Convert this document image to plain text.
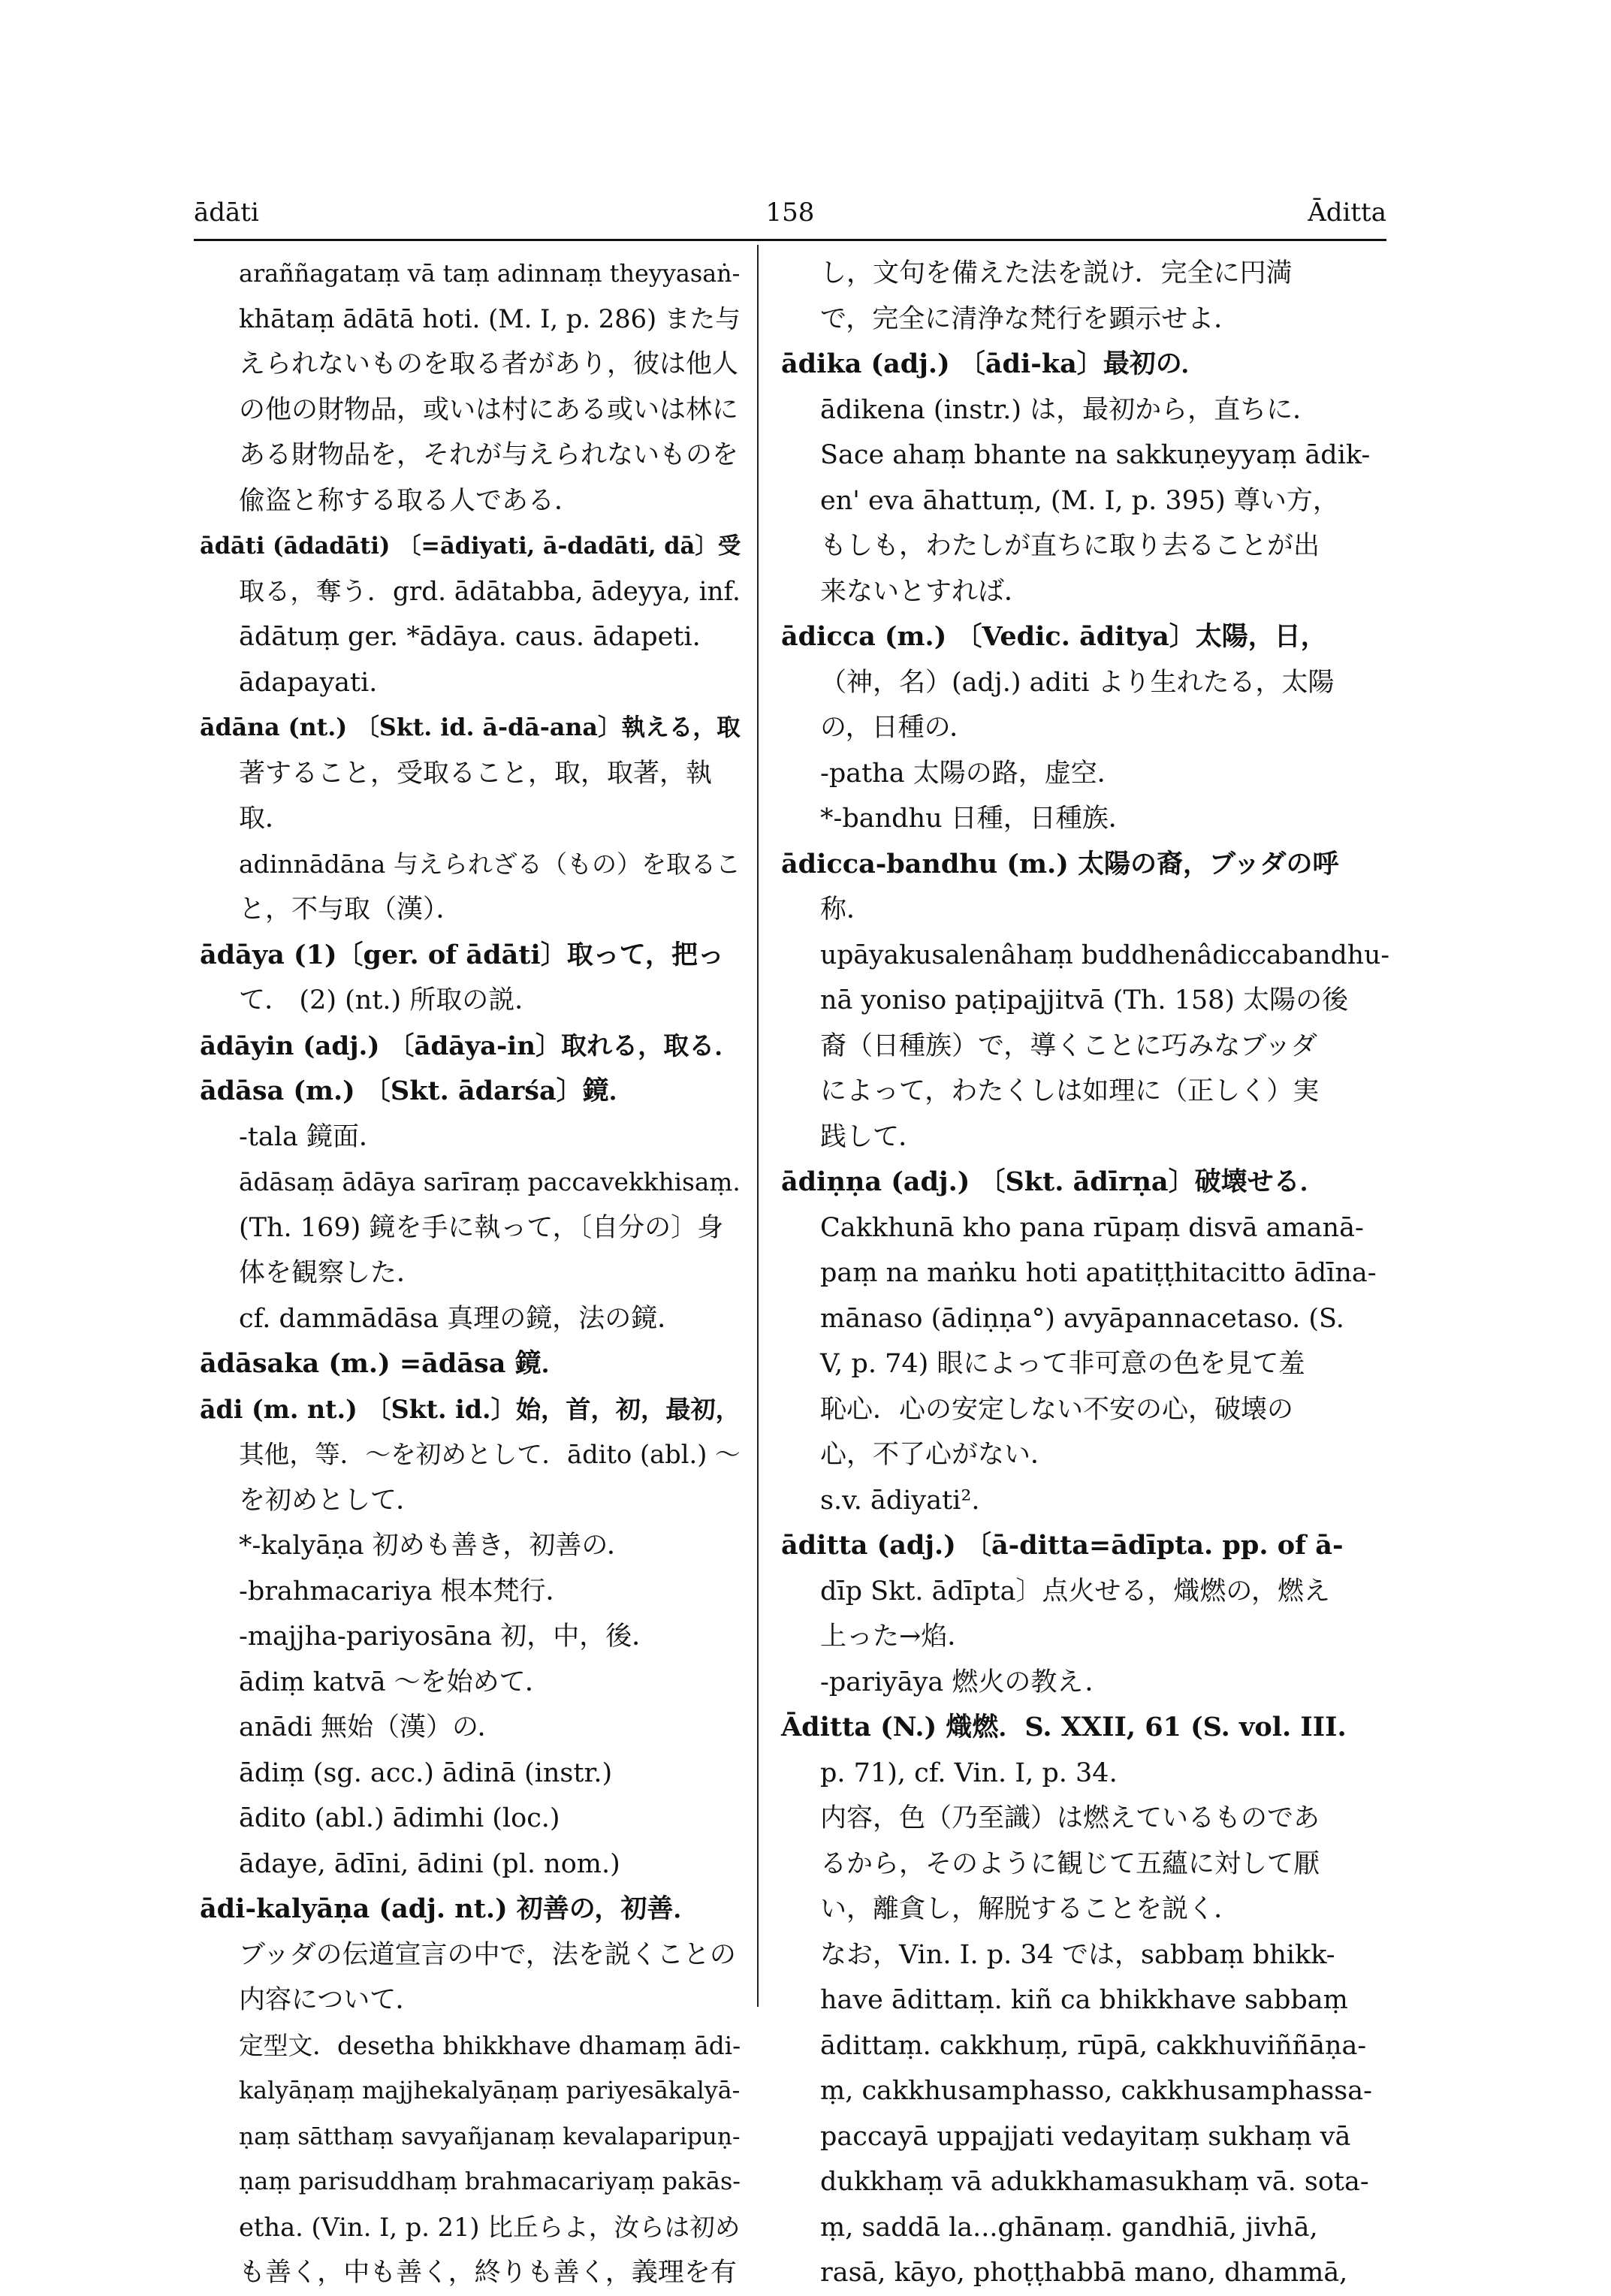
ādāti	158	Āditta
araññagataṃ vā taṃ adinnaṃ theyyasaṅ-
khātaṃ ādātā hoti. (M. I, p. 286) また与
えられないものを取る者があり，彼は他人
の他の財物品，或いは村にある或いは林に
ある財物品を，それが与えられないものを
偸盗と称する取る人である．
ādāti (ādadāti) 〔=ādiyati, ā-dadāti, dā〕受
取る，奪う．grd. ādātabba, ādeyya, inf.
ādātuṃ ger. *ādāya. caus. ādapeti.
ādapayati.
ādāna (nt.) 〔Skt. id. ā-dā-ana〕執える，取
著すること，受取ること，取，取著，執
取．
adinnādāna 与えられざる（もの）を取るこ
と，不与取（漢）．
ādāya (1)〔ger. of ādāti〕取って，把っ
て． (2) (nt.) 所取の説．
ādāyin (adj.) 〔ādāya-in〕取れる，取る．
ādāsa (m.) 〔Skt. ādarśa〕鏡．
-tala 鏡面．
ādāsaṃ ādāya sarīraṃ paccavekkhisaṃ.
(Th. 169) 鏡を手に執って，〔自分の〕身
体を観察した．
cf. dammādāsa 真理の鏡，法の鏡．
ādāsaka (m.) =ādāsa 鏡．
ādi (m. nt.) 〔Skt. id.〕始，首，初，最初，
其他，等．〜を初めとして．ādito (abl.) 〜
を初めとして．
*-kalyāṇa 初めも善き，初善の．
-brahmacariya 根本梵行．
-majjha-pariyosāna 初，中，後．
ādiṃ katvā 〜を始めて．
anādi 無始（漢）の．
ādiṃ (sg. acc.) ādinā (instr.)
ādito (abl.) ādimhi (loc.)
ādaye, ādīni, ādini (pl. nom.)
ādi-kalyāṇa (adj. nt.) 初善の，初善．
ブッダの伝道宣言の中で，法を説くことの
内容について．
定型文．desetha bhikkhave dhamaṃ ādi-
kalyāṇaṃ majjhekalyāṇaṃ pariyesākalyā-
ṇaṃ sātthaṃ savyañjanaṃ kevalaparipuṇ-
ṇaṃ parisuddhaṃ brahmacariyaṃ pakās-
etha. (Vin. I, p. 21) 比丘らよ，汝らは初め
も善く，中も善く，終りも善く，義理を有
し，文句を備えた法を説け．完全に円満
で，完全に清浄な梵行を顕示せよ．
ādika (adj.) 〔ādi-ka〕最初の．
ādikena (instr.) は，最初から，直ちに．
Sace ahaṃ bhante na sakkuṇeyyaṃ ādik-
en' eva āhattuṃ, (M. I, p. 395) 尊い方，
もしも，わたしが直ちに取り去ることが出
来ないとすれば．
ādicca (m.) 〔Vedic. āditya〕太陽，日，
（神，名）(adj.) aditi より生れたる，太陽
の，日種の．
-patha 太陽の路，虚空．
*-bandhu 日種，日種族．
ādicca-bandhu (m.) 太陽の裔，ブッダの呼
称．
upāyakusalenâhaṃ buddhenâdiccabandhu-
nā yoniso paṭipajjitvā (Th. 158) 太陽の後
裔（日種族）で，導くことに巧みなブッダ
によって，わたくしは如理に（正しく）実
践して．
ādiṇṇa (adj.) 〔Skt. ādīrṇa〕破壊せる．
Cakkhunā kho pana rūpaṃ disvā amanā-
paṃ na maṅku hoti apatiṭṭhitacitto ādīna-
mānaso (ādiṇṇa°) avyāpannacetaso. (S.
V, p. 74) 眼によって非可意の色を見て羞
恥心．心の安定しない不安の心，破壊の
心，不了心がない．
s.v. ādiyati².
āditta (adj.) 〔ā-ditta=ādīpta. pp. of ā-
dīp Skt. ādīpta〕点火せる，熾燃の，燃え
上った→焰．
-pariyāya 燃火の教え．
Āditta (N.) 熾燃．S. XXII, 61 (S. vol. III.
p. 71), cf. Vin. I, p. 34.
内容，色（乃至識）は燃えているものであ
るから，そのように観じて五蘊に対して厭
い，離貪し，解脱することを説く．
なお，Vin. I. p. 34 では，sabbaṃ bhikk-
have ādittaṃ. kiñ ca bhikkhave sabbaṃ
ādittaṃ. cakkhuṃ, rūpā, cakkhuviññāṇa-
ṃ, cakkhusamphasso, cakkhusamphassa-
paccayā uppajjati vedayitaṃ sukhaṃ vā
dukkhaṃ vā adukkhamasukhaṃ vā. sota-
ṃ, saddā la...ghānaṃ. gandhiā, jivhā,
rasā, kāyo, phoṭṭhabbā mano, dhammā,
